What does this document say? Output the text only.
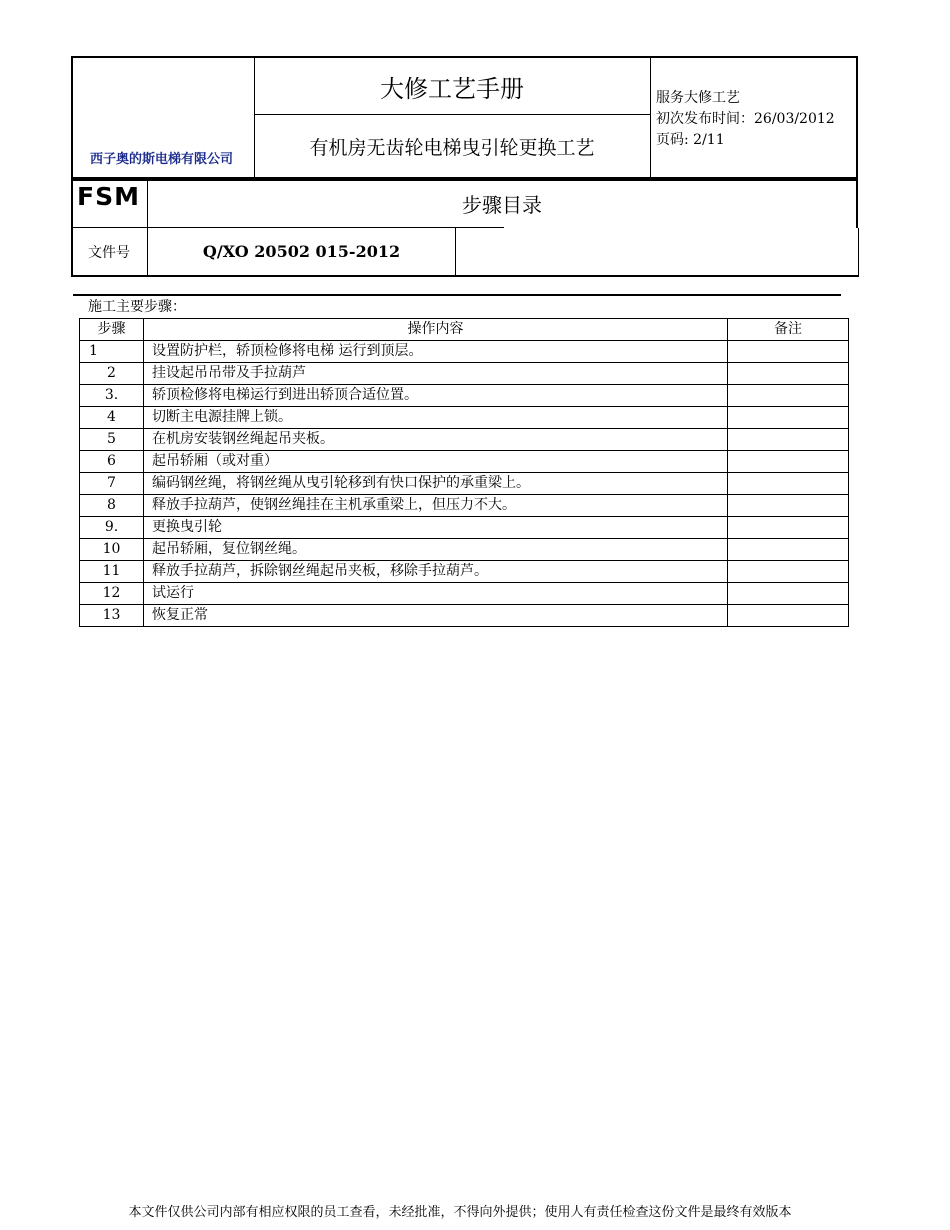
西子奥的斯电梯有限公司
大修工艺手册
有机房无齿轮电梯曳引轮更换工艺
服务大修工艺
初次发布时间：26/03/2012
页码: 2/11
FSM	步骤目录
文件号	Q/XO 20502 015-2012
施工主要步骤：
步骤	操作内容	备注
1	设置防护栏，轿顶检修将电梯 运行到顶层。	
2	挂设起吊吊带及手拉葫芦	
3.	轿顶检修将电梯运行到进出轿顶合适位置。	
4	切断主电源挂牌上锁。	
5	在机房安装钢丝绳起吊夹板。	
6	起吊轿厢（或对重）	
7	编码钢丝绳，将钢丝绳从曳引轮移到有快口保护的承重梁上。	
8	释放手拉葫芦，使钢丝绳挂在主机承重梁上，但压力不大。	
9.	更换曳引轮	
10	起吊轿厢，复位钢丝绳。	
11	释放手拉葫芦，拆除钢丝绳起吊夹板，移除手拉葫芦。	
12	试运行	
13	恢复正常	
本文件仅供公司内部有相应权限的员工查看，未经批准，不得向外提供；使用人有责任检查这份文件是最终有效版本
